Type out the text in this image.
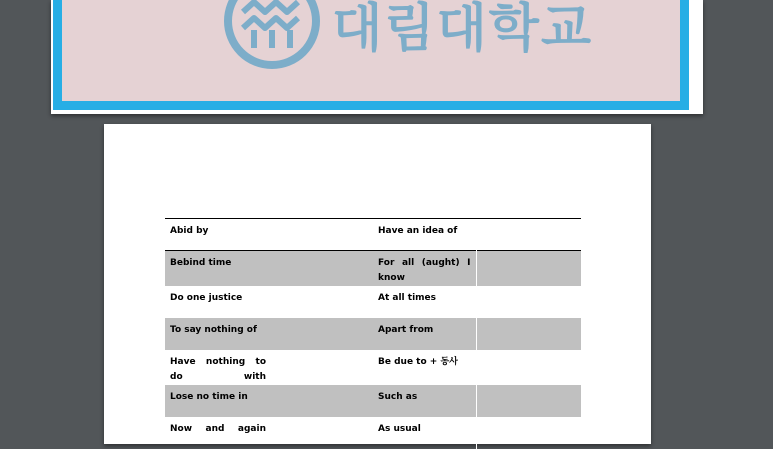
대림대학교
Abid by	Have an idea of	
Bebind time	For all (aught) I know	
Do one justice	At all times	
To say nothing of	Apart from	

Have nothing to do with	Be due to + 동사	
Lose no time in	Such as	

Now and again	As usual	
